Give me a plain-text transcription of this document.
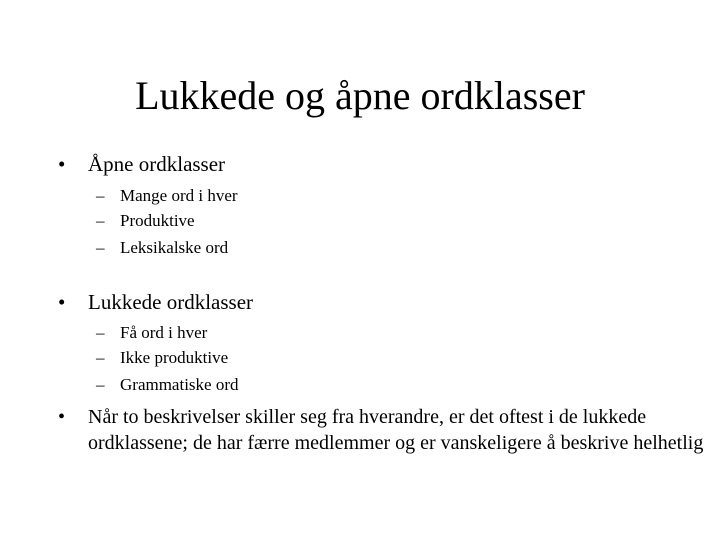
Lukkede og åpne ordklasser
• Åpne ordklasser
– Mange ord i hver
– Produktive
– Leksikalske ord
• Lukkede ordklasser
– Få ord i hver
– Ikke produktive
– Grammatiske ord
• Når to beskrivelser skiller seg fra hverandre, er det oftest i de lukkede ordklassene; de har færre medlemmer og er vanskeligere å beskrive helhetlig
